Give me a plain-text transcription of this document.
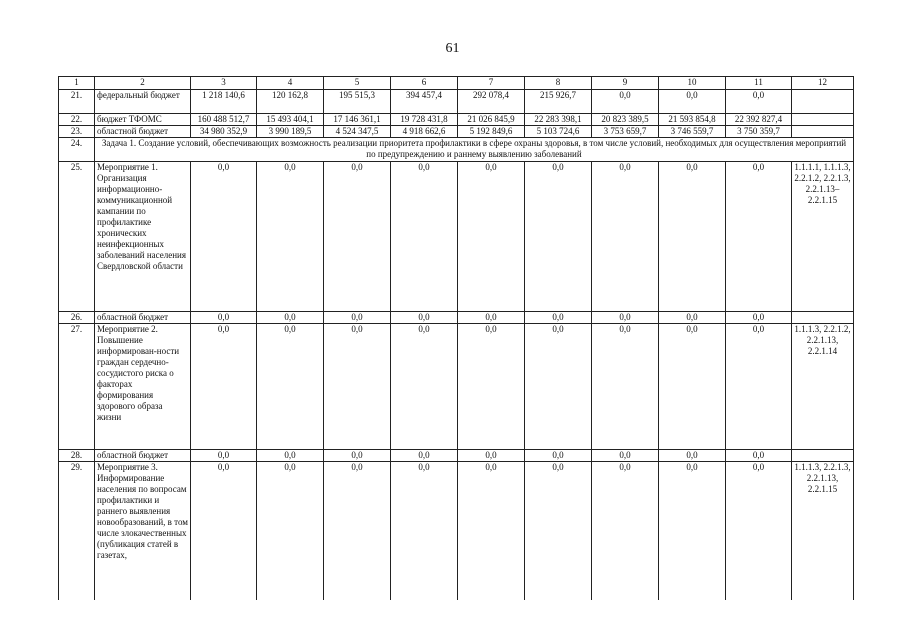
61
1	2	3	4	5	6	7	8	9	10	11	12
21.	федеральный бюджет	1 218 140,6	120 162,8	195 515,3	394 457,4	292 078,4	215 926,7	0,0	0,0	0,0	
22.	бюджет ТФОМС	160 488 512,7	15 493 404,1	17 146 361,1	19 728 431,8	21 026 845,9	22 283 398,1	20 823 389,5	21 593 854,8	22 392 827,4	
23.	областной бюджет	34 980 352,9	3 990 189,5	4 524 347,5	4 918 662,6	5 192 849,6	5 103 724,6	3 753 659,7	3 746 559,7	3 750 359,7	
24.	Задача 1. Создание условий, обеспечивающих возможность реализации приоритета профилактики в сфере охраны здоровья, в том числе условий, необходимых для осуществления мероприятий по предупреждению и раннему выявлению заболеваний										
25.	Мероприятие 1. Организация информационно-коммуникационной кампании по профилактике хронических неинфекционных заболеваний населения Свердловской области	0,0	0,0	0,0	0,0	0,0	0,0	0,0	0,0	0,0	1.1.1.1, 1.1.1.3, 2.2.1.2, 2.2.1.3, 2.2.1.13– 2.2.1.15
26.	областной бюджет	0,0	0,0	0,0	0,0	0,0	0,0	0,0	0,0	0,0	
27.	Мероприятие 2. Повышение информирован-ности граждан сердечно-сосудистого риска о факторах формирования здорового образа жизни	0,0	0,0	0,0	0,0	0,0	0,0	0,0	0,0	0,0	1.1.1.3, 2.2.1.2, 2.2.1.13, 2.2.1.14
28.	областной бюджет	0,0	0,0	0,0	0,0	0,0	0,0	0,0	0,0	0,0	
29.	Мероприятие 3. Информирование населения по вопросам профилактики и раннего выявления новообразований, в том числе злокачественных (публикация статей в газетах,	0,0	0,0	0,0	0,0	0,0	0,0	0,0	0,0	0,0	1.1.1.3, 2.2.1.3, 2.2.1.13, 2.2.1.15
